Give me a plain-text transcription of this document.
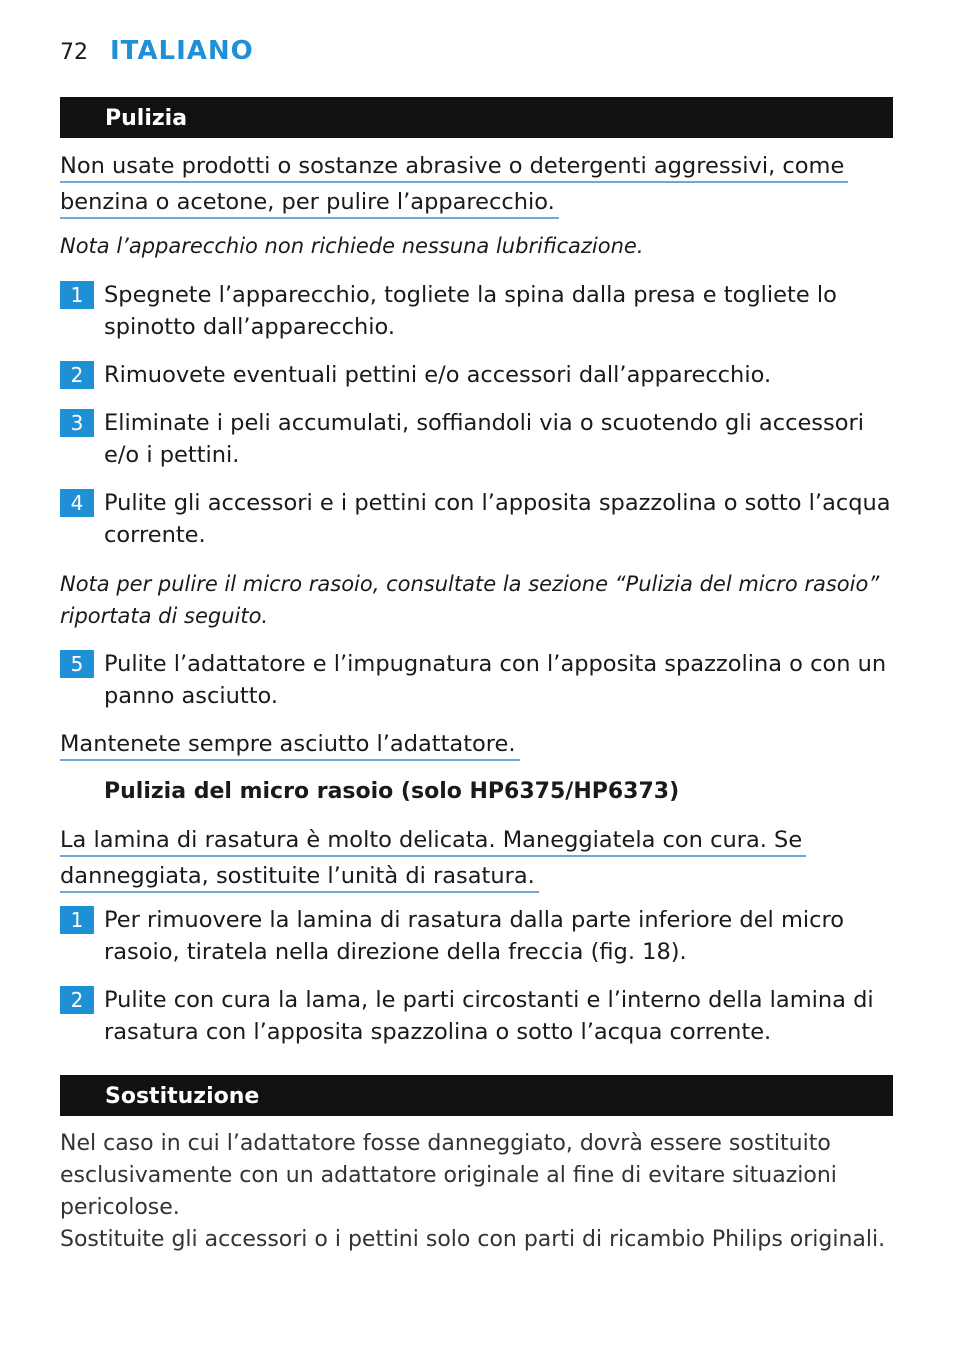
72 ITALIANO
Pulizia
Non usate prodotti o sostanze abrasive o detergenti aggressivi, come
benzina o acetone, per pulire l’apparecchio.
Nota l’apparecchio non richiede nessuna lubrificazione.
1 Spegnete l’apparecchio, togliete la spina dalla presa e togliete lo spinotto dall’apparecchio.
2 Rimuovete eventuali pettini e/o accessori dall’apparecchio.
3 Eliminate i peli accumulati, soffiandoli via o scuotendo gli accessori e/o i pettini.
4 Pulite gli accessori e i pettini con l’apposita spazzolina o sotto l’acqua corrente.
Nota per pulire il micro rasoio, consultate la sezione “Pulizia del micro rasoio” riportata di seguito.
5 Pulite l’adattatore e l’impugnatura con l’apposita spazzolina o con un panno asciutto.
Mantenete sempre asciutto l’adattatore.
Pulizia del micro rasoio (solo HP6375/HP6373)
La lamina di rasatura è molto delicata. Maneggiatela con cura. Se
danneggiata, sostituite l’unità di rasatura.
1 Per rimuovere la lamina di rasatura dalla parte inferiore del micro rasoio, tiratela nella direzione della freccia (fig. 18).
2 Pulite con cura la lama, le parti circostanti e l’interno della lamina di rasatura con l’apposita spazzolina o sotto l’acqua corrente.
Sostituzione
Nel caso in cui l’adattatore fosse danneggiato, dovrà essere sostituito esclusivamente con un adattatore originale al fine di evitare situazioni pericolose.
Sostituite gli accessori o i pettini solo con parti di ricambio Philips originali.
